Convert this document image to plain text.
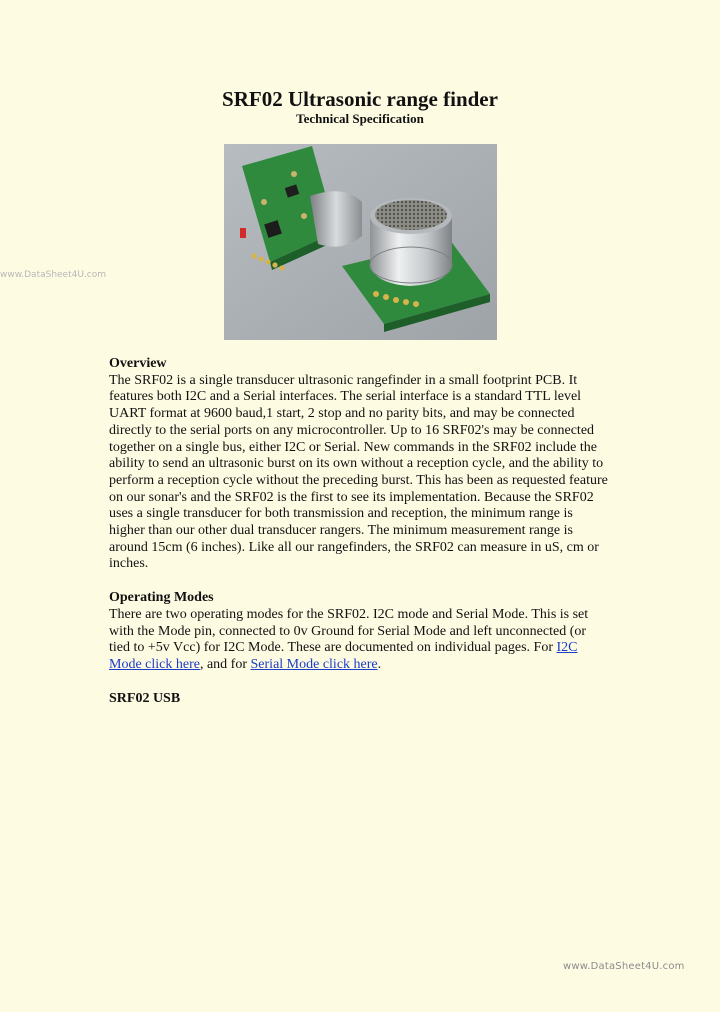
www.DataSheet4U.com
SRF02 Ultrasonic range finder
Technical Specification
Overview

The SRF02 is a single transducer ultrasonic rangefinder in a small footprint PCB. It features both I2C and a Serial interfaces. The serial interface is a standard TTL level UART format at 9600 baud,1 start, 2 stop and no parity bits, and may be connected directly to the serial ports on any microcontroller. Up to 16 SRF02's may be connected together on a single bus, either I2C or Serial. New commands in the SRF02 include the ability to send an ultrasonic burst on its own without a reception cycle, and the ability to perform a reception cycle without the preceding burst. This has been as requested feature on our sonar's and the SRF02 is the first to see its implementation. Because the SRF02 uses a single transducer for both transmission and reception, the minimum range is higher than our other dual transducer rangers. The minimum measurement range is around 15cm (6 inches). Like all our rangefinders, the SRF02 can measure in uS, cm or inches.

Operating Modes

There are two operating modes for the SRF02. I2C mode and Serial Mode. This is set with the Mode pin, connected to 0v Ground for Serial Mode and left unconnected (or tied to +5v Vcc) for I2C Mode. These are documented on individual pages. For I2C Mode click here, and for Serial Mode click here.

SRF02 USB
www.DataSheet4U.com
